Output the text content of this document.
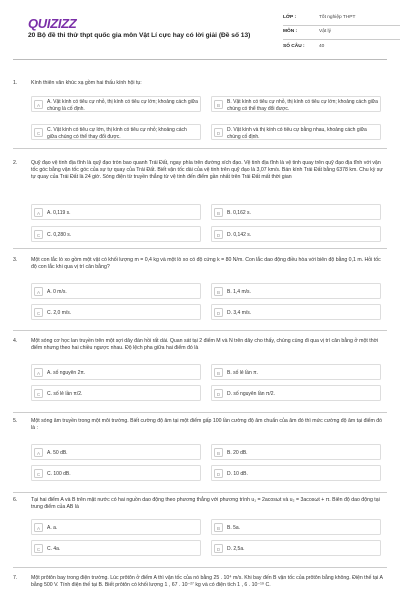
QUIZIZZ
20 Bộ đề thi thử thpt quốc gia môn Vật Lí cực hay có lời giải (Đề số 13)
LỚP :	Tốt nghiệp THPT
MÔN :	Vật lý
SỐ CÂU :	40
1.	Kính thiên văn khúc xạ gồm hai thấu kính hội tụ:
A
A. Vật kính có tiêu cự nhỏ, thị kính có tiêu cự lớn; khoảng cách giữa chúng là cố định.
B
B. Vật kính có tiêu cự nhỏ, thị kính có tiêu cự lớn; khoảng cách giữa chúng có thể thay đổi được.
C
C. Vật kính có tiêu cự lớn, thị kính có tiêu cự nhỏ; khoảng cách giữa chúng có thể thay đổi được.
D
D. Vật kính và thị kính có tiêu cự bằng nhau, khoảng cách giữa chúng cố định.
2.	Quỹ đạo vệ tinh địa tĩnh là quỹ đạo tròn bao quanh Trái Đất, ngay phía trên đường xích đạo. Vệ tinh địa tĩnh là vệ tinh quay trên quỹ đạo địa tĩnh với vận tốc góc bằng vận tốc góc của sự tự quay của Trái Đất. Biết vận tốc dài của vệ tinh trên quỹ đạo là 3,07 km/s. Bán kính Trái Đất bằng 6378 km. Chu kỳ sự tự quay của Trái Đất là 24 giờ. Sóng điện từ truyền thẳng từ vệ tinh đến điểm gần nhất trên Trái Đất mất thời gian
A	A. 0,119 s.	B	B. 0,162 s.
C	C. 0,280 s.	D	D. 0,142 s.
3.	Một con lắc lò xo gồm một vật có khối lượng m = 0,4 kg và một lò xo có độ cứng k = 80 N/m. Con lắc dao động điều hòa với biên độ bằng 0,1 m. Hỏi tốc độ con lắc khi qua vị trí cân bằng?
A	A. 0 m/s.	B	B. 1,4 m/s.
C	C. 2,0 m/s.	D	D. 3,4 m/s.
4.	Một sóng cơ học lan truyền trên một sợi dây đàn hồi rất dài. Quan sát tại 2 điểm M và N trên dây cho thấy, chúng cùng đi qua vị trí cân bằng ở một thời điểm nhưng theo hai chiều ngược nhau. Độ lệch pha giữa hai điểm đó là
A	A. số nguyên 2π.	B	B. số lẻ lần π.
C	C. số lẻ lần π/2.	D	D. số nguyên lần π/2.
5.	Một sóng âm truyền trong một môi trường. Biết cường độ âm tại một điểm gấp 100 lần cường độ âm chuẩn của âm đó thì mức cường độ âm tại điểm đó là :
A	A. 50 dB.	B	B. 20 dB.
C	C. 100 dB.	D	D. 10 dB.
6.	Tại hai điểm A và B trên mặt nước có hai nguồn dao động theo phương thẳng với phương trình u₁ = 2acosωt và u₂ = 3acosωt + π. Biên độ dao động tại trung điểm của AB là
A	A. a.	B	B. 5a.
C	C. 4a.	D	D. 2,5a.
7.	Một prôtôn bay trong điện trường. Lúc prôtôn ở điểm A thì vận tốc của nó bằng 25 . 10⁴ m/s. Khi bay đến B vận tốc của prôtôn bằng không. Điện thế tại A bằng 500 V. Tính điện thế tại B. Biết prôtôn có khối lượng 1 , 67 . 10⁻²⁷ kg và có điện tích 1 , 6 . 10⁻¹⁹ C.
